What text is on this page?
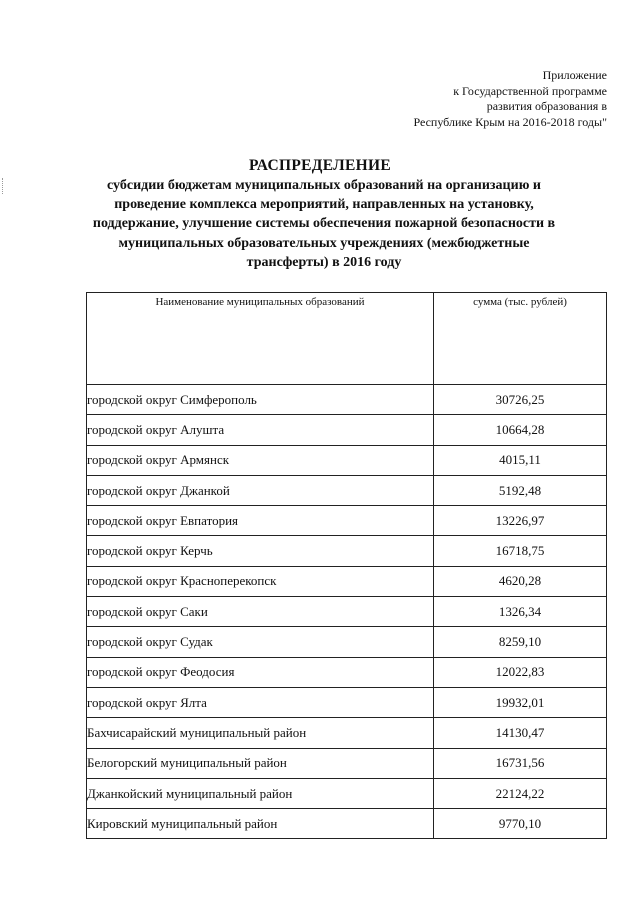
Приложение
к Государственной программе
развития образования в
Республике Крым на 2016-2018 годы"
РАСПРЕДЕЛЕНИЕ
субсидии бюджетам муниципальных образований на организацию и
проведение комплекса мероприятий, направленных на установку,
поддержание, улучшение системы обеспечения пожарной безопасности в
муниципальных образовательных учреждениях (межбюджетные
трансферты) в 2016 году
Наименование муниципальных образований	сумма (тыс. рублей)
городской округ Симферополь	30726,25
городской округ Алушта	10664,28
городской округ Армянск	4015,11
городской округ Джанкой	5192,48
городской округ Евпатория	13226,97
городской округ Керчь	16718,75
городской округ Красноперекопск	4620,28
городской округ Саки	1326,34
городской округ Судак	8259,10
городской округ Феодосия	12022,83
городской округ Ялта	19932,01
Бахчисарайский муниципальный район	14130,47
Белогорский муниципальный район	16731,56
Джанкойский муниципальный район	22124,22
Кировский муниципальный район	9770,10
